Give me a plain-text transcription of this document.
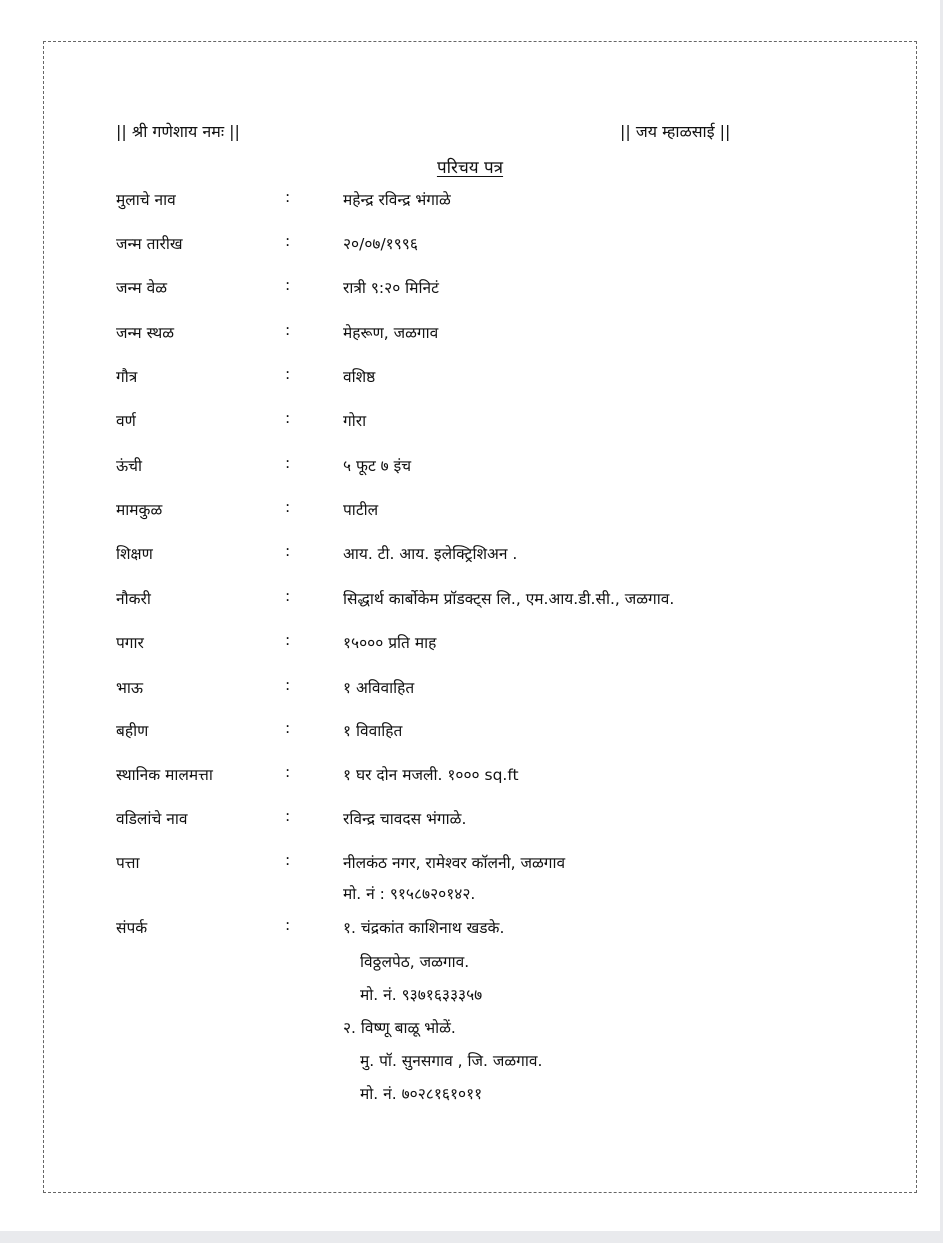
|| श्री गणेशाय नमः ||	|| जय म्हाळसाई ||
परिचय पत्र
मुलाचे नाव	:	महेन्द्र रविन्द्र भंगाळे
जन्म तारीख	:	२०/०७/१९९६
जन्म वेळ	:	रात्री ९:२० मिनिटं
जन्म स्थळ	:	मेहरूण, जळगाव
गौत्र	:	वशिष्ठ
वर्ण	:	गोरा
ऊंची	:	५ फूट ७ इंच
मामकुळ	:	पाटील
शिक्षण	:	आय. टी. आय. इलेक्ट्रिशिअन .
नौकरी	:	सिद्धार्थ कार्बोकेम प्रॉडक्ट्स लि., एम.आय.डी.सी., जळगाव.
पगार	:	१५००० प्रति माह
भाऊ	:	१ अविवाहित
बहीण	:	१ विवाहित
स्थानिक मालमत्ता	:	१ घर दोन मजली. १००० sq.ft
वडिलांचे नाव	:	रविन्द्र चावदस भंगाळे.
पत्ता	:	नीलकंठ नगर, रामेश्वर कॉलनी, जळगाव
मो. नं : ९१५८७२०१४२.
संपर्क	:	१. चंद्रकांत काशिनाथ खडके.
विठ्ठलपेठ, जळगाव.
मो. नं. ९३७१६३३३५७
२. विष्णू बाळू भोळें.
मु. पॉ. सुनसगाव , जि. जळगाव.
मो. नं. ७०२८१६१०११
